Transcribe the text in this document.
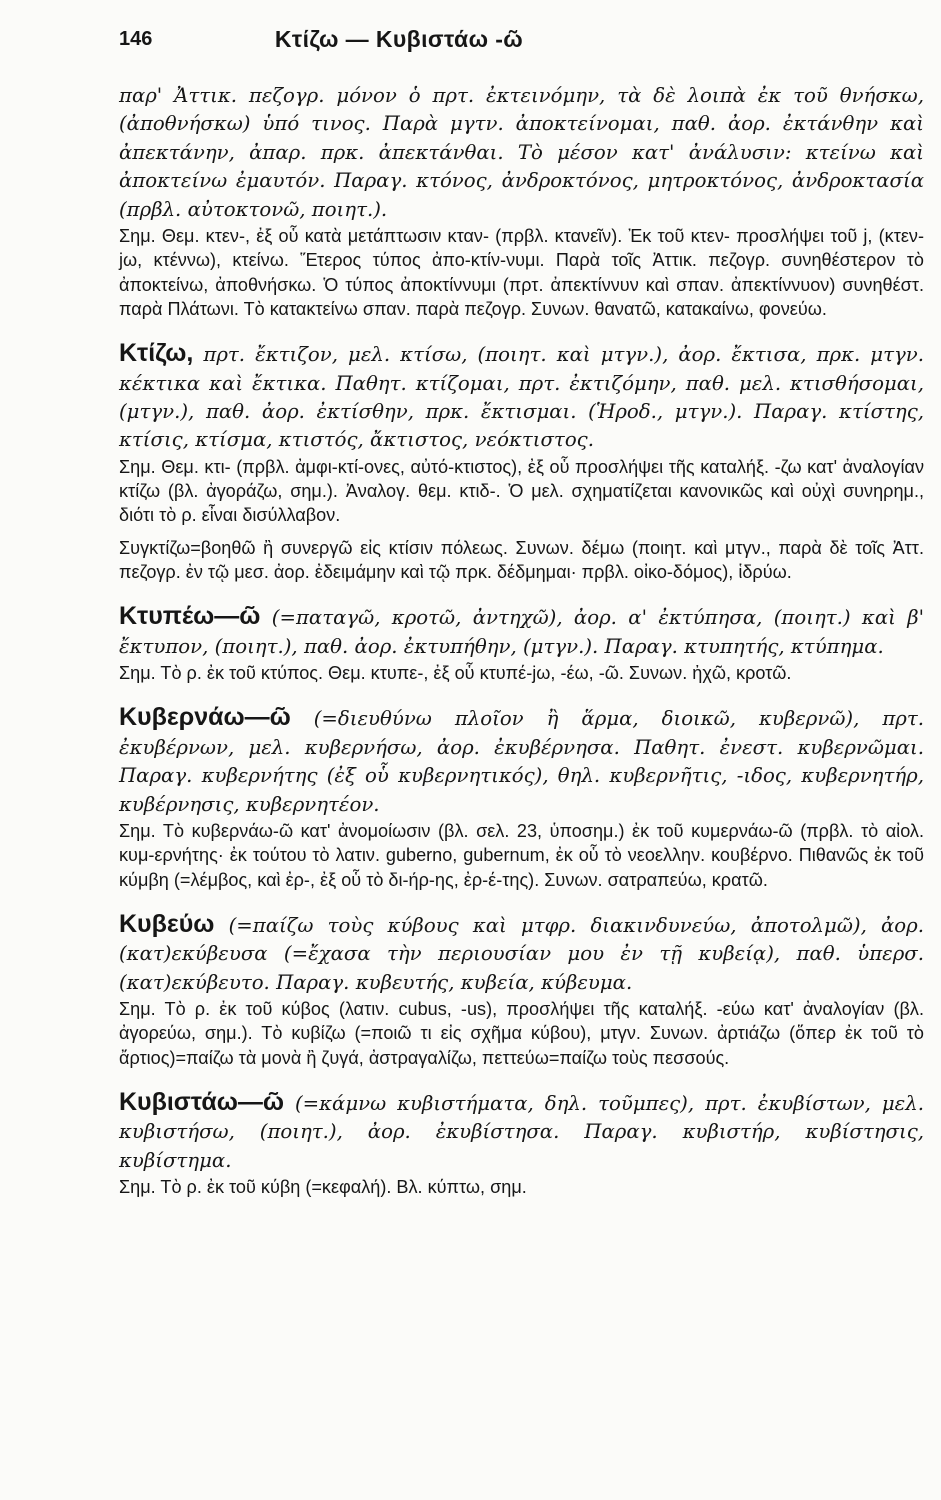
146	Κτίζω — Κυβιστάω -ῶ

παρ' Ἀττικ. πεζογρ. μόνον ὁ πρτ. ἐκτεινόμην, τὰ δὲ λοιπὰ ἐκ τοῦ θνήσκω, (ἀποθνήσκω) ὑπό τινος. Παρὰ μγτν. ἀποκτείνομαι, παθ. ἀορ. ἐκτάνθην καὶ ἀπεκτάνην, ἀπαρ. πρκ. ἀπεκτάνθαι. Τὸ μέσον κατ' ἀνάλυσιν: κτείνω καὶ ἀποκτείνω ἐμαυτόν. Παραγ. κτόνος, ἀνδροκτόνος, μητροκτόνος, ἀνδροκτασία (πρβλ. αὐτοκτονῶ, ποιητ.).

Σημ. Θεμ. κτεν-, ἐξ οὗ κατὰ μετάπτωσιν κταν- (πρβλ. κτανεῖν). Ἐκ τοῦ κτεν- προσλήψει τοῦ j, (κτεν-jω, κτέννω), κτείνω. Ἕτερος τύπος ἀπο-κτίν-νυμι. Παρὰ τοῖς Ἀττικ. πεζογρ. συνηθέστερον τὸ ἀποκτείνω, ἀποθνήσκω. Ὁ τύπος ἀποκτίννυμι (πρτ. ἀπεκτίννυν καὶ σπαν. ἀπεκτίννυον) συνηθέστ. παρὰ Πλάτωνι. Τὸ κατακτείνω σπαν. παρὰ πεζογρ. Συνων. θανατῶ, κατακαίνω, φονεύω.

Κτίζω, πρτ. ἔκτιζον, μελ. κτίσω, (ποιητ. καὶ μτγν.), ἀορ. ἔκτισα, πρκ. μτγν. κέκτικα καὶ ἔκτικα. Παθητ. κτίζομαι, πρτ. ἐκτιζόμην, παθ. μελ. κτισθήσομαι, (μτγν.), παθ. ἀορ. ἐκτίσθην, πρκ. ἔκτισμαι. (Ἡροδ., μτγν.). Παραγ. κτίστης, κτίσις, κτίσμα, κτιστός, ἄκτιστος, νεόκτιστος.

Σημ. Θεμ. κτι- (πρβλ. ἀμφι-κτί-ονες, αὐτό-κτιστος), ἐξ οὗ προσλήψει τῆς καταλήξ. -ζω κατ' ἀναλογίαν κτίζω (βλ. ἀγοράζω, σημ.). Ἀναλογ. θεμ. κτιδ-. Ὁ μελ. σχηματίζεται κανονικῶς καὶ οὐχὶ συνηρημ., διότι τὸ ρ. εἶναι δισύλλαβον.

Συγκτίζω=βοηθῶ ἢ συνεργῶ εἰς κτίσιν πόλεως. Συνων. δέμω (ποιητ. καὶ μτγν., παρὰ δὲ τοῖς Ἀττ. πεζογρ. ἐν τῷ μεσ. ἀορ. ἐδειμάμην καὶ τῷ πρκ. δέδμημαι· πρβλ. οἰκο-δόμος), ἱδρύω.

Κτυπέω—ῶ (=παταγῶ, κροτῶ, ἀντηχῶ), ἀορ. α' ἐκτύπησα, (ποιητ.) καὶ β' ἔκτυπον, (ποιητ.), παθ. ἀορ. ἐκτυπήθην, (μτγν.). Παραγ. κτυπητής, κτύπημα.

Σημ. Τὸ ρ. ἐκ τοῦ κτύπος. Θεμ. κτυπε-, ἐξ οὗ κτυπέ-jω, -έω, -ῶ. Συνων. ἠχῶ, κροτῶ.

Κυβερνάω—ῶ (=διευθύνω πλοῖον ἢ ἅρμα, διοικῶ, κυβερνῶ), πρτ. ἐκυβέρνων, μελ. κυβερνήσω, ἀορ. ἐκυβέρνησα. Παθητ. ἐνεστ. κυβερνῶμαι. Παραγ. κυβερνήτης (ἐξ οὗ κυβερνητικός), θηλ. κυβερνῆτις, -ιδος, κυβερνητήρ, κυβέρνησις, κυβερνητέον.

Σημ. Τὸ κυβερνάω-ῶ κατ' ἀνομοίωσιν (βλ. σελ. 23, ὑποσημ.) ἐκ τοῦ κυμερνάω-ῶ (πρβλ. τὸ αἰολ. κυμ-ερνήτης· ἐκ τούτου τὸ λατιν. guberno, gubernum, ἐκ οὗ τὸ νεοελλην. κουβέρνο. Πιθανῶς ἐκ τοῦ κύμβη (=λέμβος, καὶ ἐρ-, ἐξ οὗ τὸ δι-ήρ-ης, ἐρ-έ-της). Συνων. σατραπεύω, κρατῶ.

Κυβεύω (=παίζω τοὺς κύβους καὶ μτφρ. διακινδυνεύω, ἀποτολμῶ), ἀορ. (κατ)εκύβευσα (=ἔχασα τὴν περιουσίαν μου ἐν τῇ κυβείᾳ), παθ. ὑπερσ. (κατ)εκύβευτο. Παραγ. κυβευτής, κυβεία, κύβευμα.

Σημ. Τὸ ρ. ἐκ τοῦ κύβος (λατιν. cubus, -us), προσλήψει τῆς καταλήξ. -εύω κατ' ἀναλογίαν (βλ. ἀγορεύω, σημ.). Τὸ κυβίζω (=ποιῶ τι εἰς σχῆμα κύβου), μτγν. Συνων. ἀρτιάζω (ὅπερ ἐκ τοῦ τὸ ἄρτιος)=παίζω τὰ μονὰ ἢ ζυγά, ἀστραγαλίζω, πεττεύω=παίζω τοὺς πεσσούς.

Κυβιστάω—ῶ (=κάμνω κυβιστήματα, δηλ. τοῦμπες), πρτ. ἐκυβίστων, μελ. κυβιστήσω, (ποιητ.), ἀορ. ἐκυβίστησα. Παραγ. κυβιστήρ, κυβίστησις, κυβίστημα.

Σημ. Τὸ ρ. ἐκ τοῦ κύβη (=κεφαλή). Βλ. κύπτω, σημ.
